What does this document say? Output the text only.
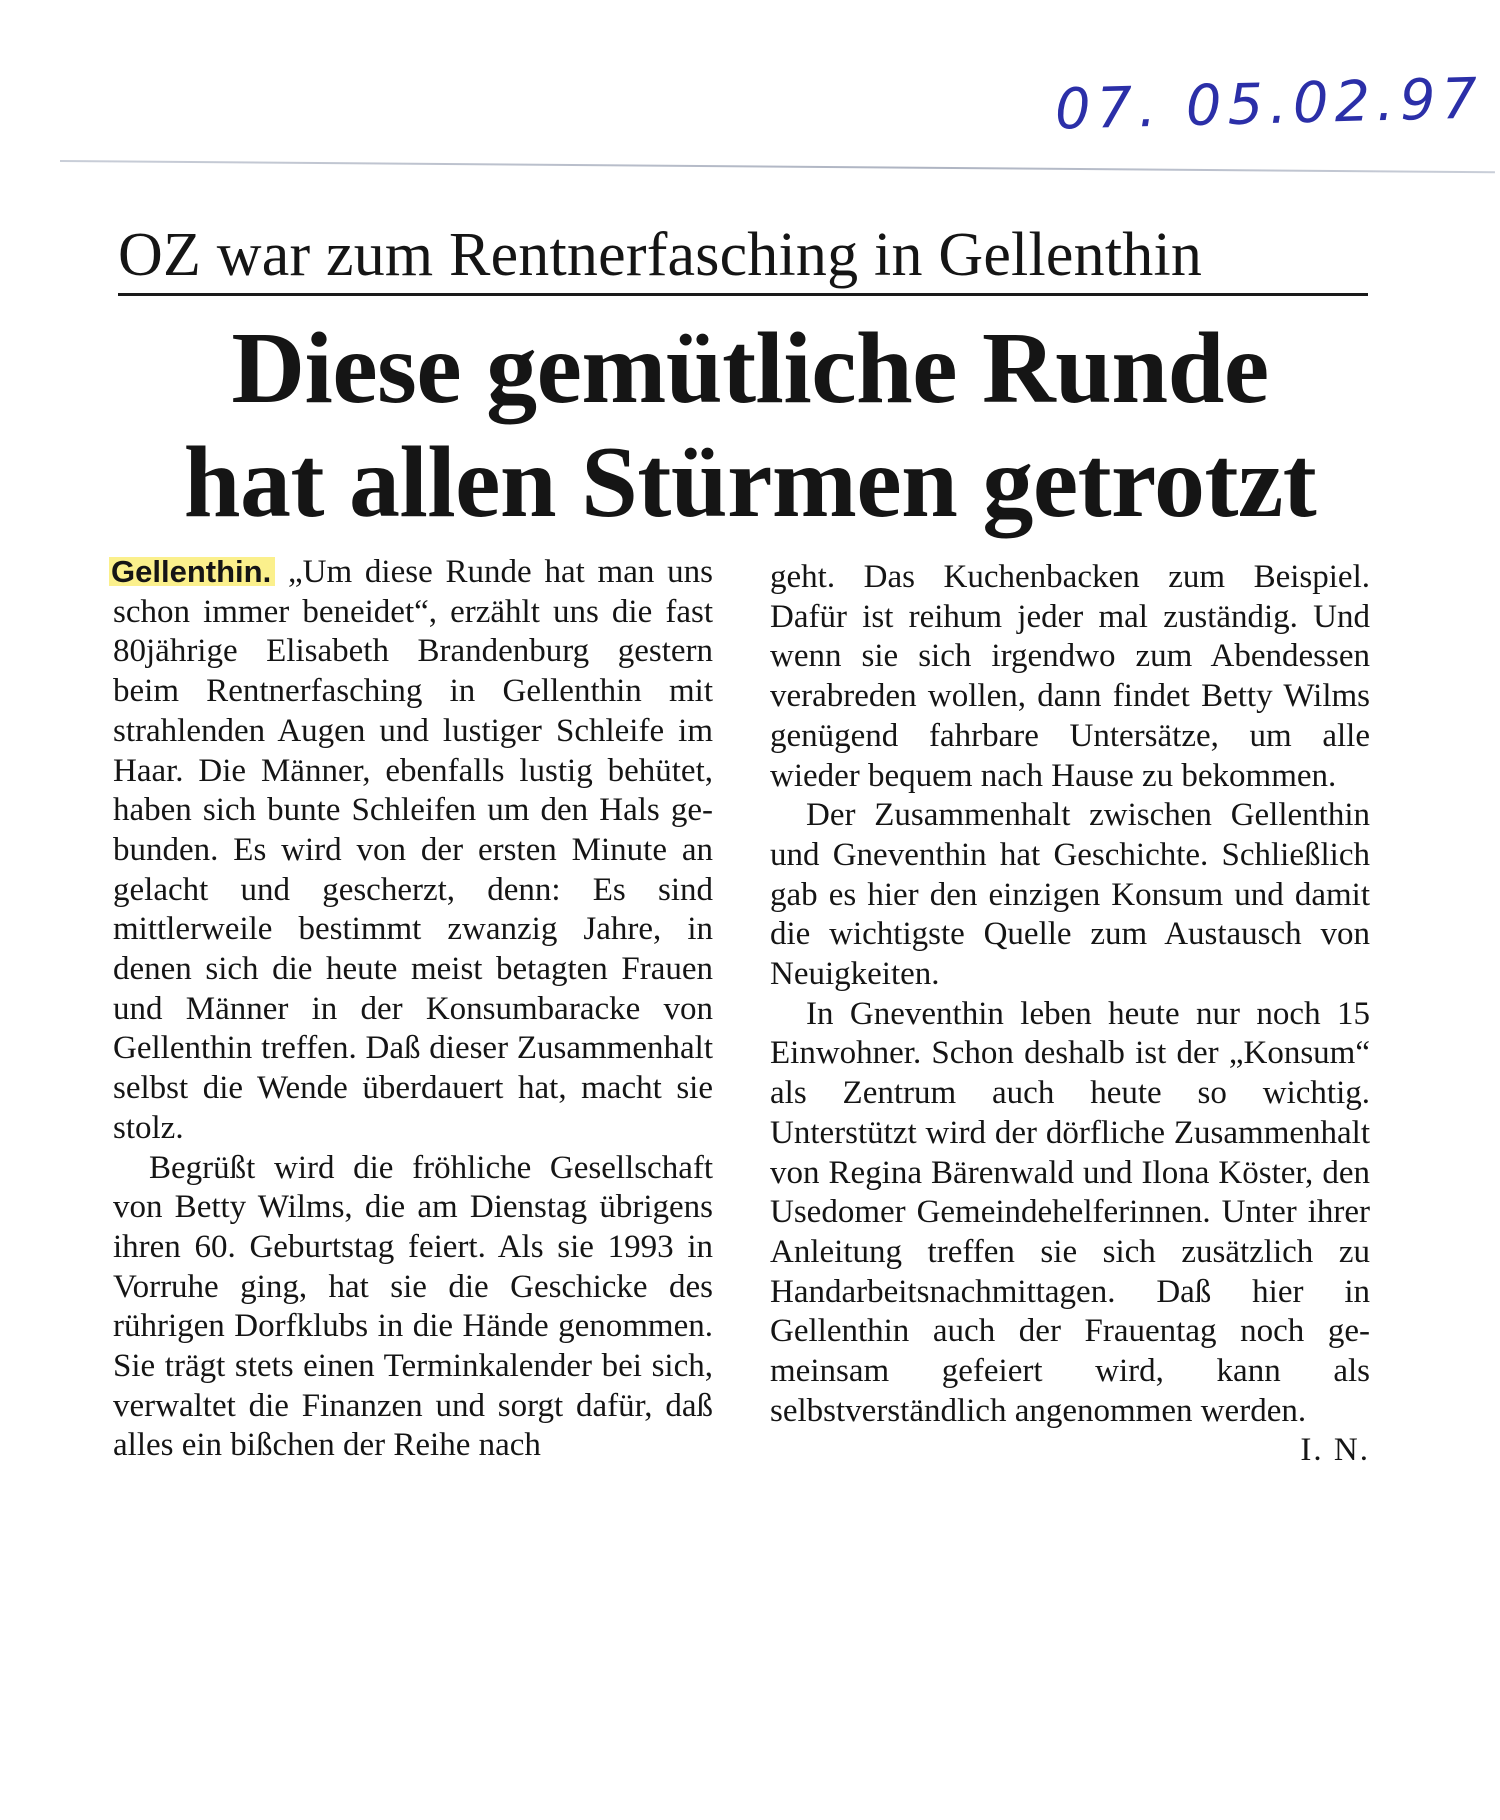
07. 05.02.97
OZ war zum Rentnerfasching in Gellenthin
Diese gemütliche Runde
hat allen Stürmen getrotzt

Gellenthin. „Um diese Runde hat man uns schon immer beneidet“, erzählt uns die fast 80jährige Elisabeth Brandenburg gestern beim Rentnerfasching in Gellenthin mit strahlenden Augen und lustiger Schleife im Haar. Die Männer, ebenfalls lustig behütet, haben sich bunte Schleifen um den Hals gebunden. Es wird von der ersten Minute an gelacht und gescherzt, denn: Es sind mittlerweile bestimmt zwanzig Jahre, in denen sich die heute meist betagten Frauen und Männer in der Konsumbaracke von Gellenthin treffen. Daß dieser Zusammenhalt selbst die Wende überdauert hat, macht sie stolz.

Begrüßt wird die fröhliche Gesellschaft von Betty Wilms, die am Dienstag übrigens ihren 60. Geburtstag feiert. Als sie 1993 in Vorruhe ging, hat sie die Geschicke des rührigen Dorfklubs in die Hände genommen. Sie trägt stets einen Terminkalender bei sich, verwaltet die Finanzen und sorgt dafür, daß alles ein bißchen der Reihe nach

geht. Das Kuchenbacken zum Beispiel. Dafür ist reihum jeder mal zuständig. Und wenn sie sich irgendwo zum Abendessen verabreden wollen, dann findet Betty Wilms genügend fahrbare Untersätze, um alle wieder bequem nach Hause zu bekommen.

Der Zusammenhalt zwischen Gellenthin und Gneventhin hat Geschichte. Schließlich gab es hier den einzigen Konsum und damit die wichtigste Quelle zum Austausch von Neuigkeiten.

In Gneventhin leben heute nur noch 15 Einwohner. Schon deshalb ist der „Konsum“ als Zentrum auch heute so wichtig. Unterstützt wird der dörfliche Zusammenhalt von Regina Bärenwald und Ilona Köster, den Usedomer Gemeindehelferinnen. Unter ihrer Anleitung treffen sie sich zusätzlich zu Handarbeitsnachmittagen. Daß hier in Gellenthin auch der Frauentag noch gemeinsam gefeiert wird, kann als selbstverständlich angenommen werden.
I. N.
